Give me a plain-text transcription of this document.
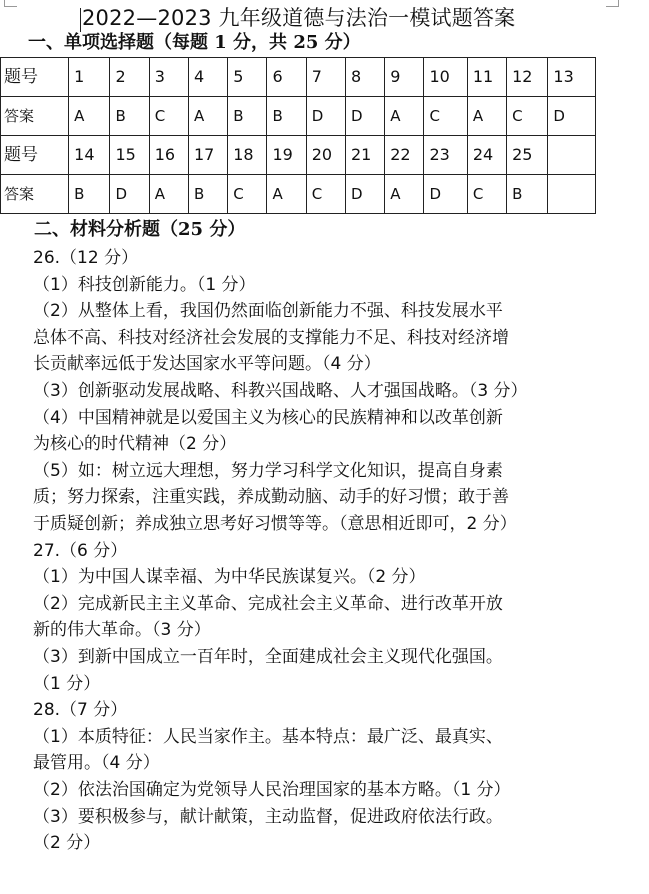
2022—2023 九年级道德与法治一模试题答案
一、单项选择题（每题 1 分，共 25 分）
题号	1	2	3	4	5	6	7	8	9	10	11	12	13
答案	A	B	C	A	B	B	D	D	A	C	A	C	D
题号	14	15	16	17	18	19	20	21	22	23	24	25	
答案	B	D	A	B	C	A	C	D	A	D	C	B	
二、材料分析题（25 分）
26.（12 分）
（1）科技创新能力。（1 分）
（2）从整体上看，我国仍然面临创新能力不强、科技发展水平
总体不高、科技对经济社会发展的支撑能力不足、科技对经济增
长贡献率远低于发达国家水平等问题。（4 分）
（3）创新驱动发展战略、科教兴国战略、人才强国战略。（3 分）
（4）中国精神就是以爱国主义为核心的民族精神和以改革创新
为核心的时代精神（2 分）
（5）如：树立远大理想，努力学习科学文化知识，提高自身素
质；努力探索，注重实践，养成勤动脑、动手的好习惯；敢于善
于质疑创新；养成独立思考好习惯等等。（意思相近即可，2 分）
27.（6 分）
（1）为中国人谋幸福、为中华民族谋复兴。（2 分）
（2）完成新民主主义革命、完成社会主义革命、进行改革开放
新的伟大革命。（3 分）
（3）到新中国成立一百年时，全面建成社会主义现代化强国。
（1 分）
28.（7 分）
（1）本质特征：人民当家作主。基本特点：最广泛、最真实、
最管用。（4 分）
（2）依法治国确定为党领导人民治理国家的基本方略。（1 分）
（3）要积极参与，献计献策，主动监督，促进政府依法行政。
（2 分）
